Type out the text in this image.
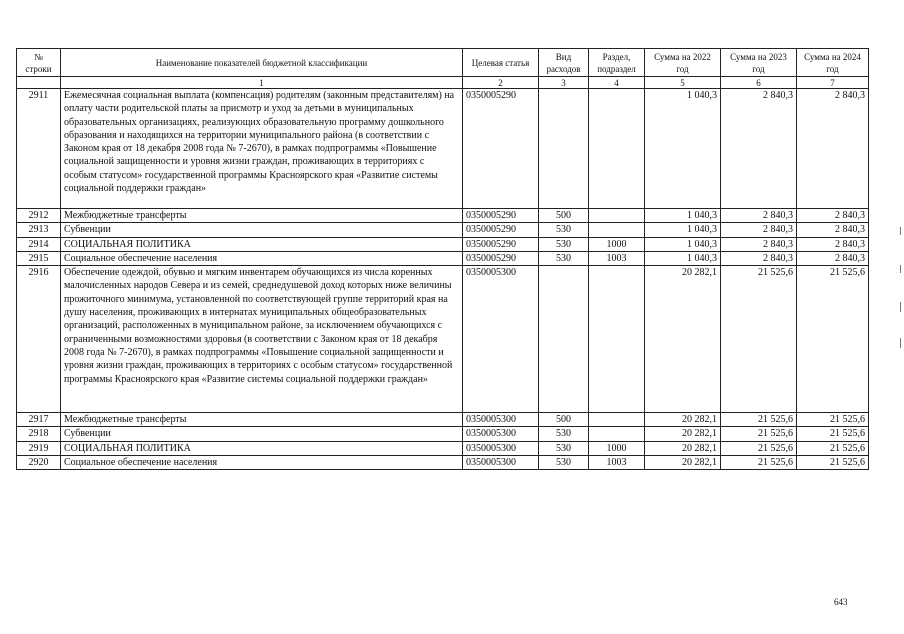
№ строки	Наименование показателей бюджетной классификации	Целевая статья	Вид расходов	Раздел, подраздел	Сумма на 2022 год	Сумма на 2023 год	Сумма на 2024 год
	1	2	3	4	5	6	7
2911	Ежемесячная социальная выплата (компенсация) родителям (законным представителям) на оплату части родительской платы за присмотр и уход за детьми в муниципальных образовательных организациях, реализующих образовательную программу дошкольного образования и находящихся на территории муниципального района (в соответствии с Законом края от 18 декабря 2008 года № 7-2670), в рамках подпрограммы «Повышение социальной защищенности и уровня жизни граждан, проживающих в территориях с особым статусом» государственной программы Красноярского края «Развитие системы социальной поддержки граждан»	0350005290			1 040,3	2 840,3	2 840,3
2912	Межбюджетные трансферты	0350005290	500		1 040,3	2 840,3	2 840,3
2913	Субвенции	0350005290	530		1 040,3	2 840,3	2 840,3
2914	СОЦИАЛЬНАЯ ПОЛИТИКА	0350005290	530	1000	1 040,3	2 840,3	2 840,3
2915	Социальное обеспечение населения	0350005290	530	1003	1 040,3	2 840,3	2 840,3
2916	Обеспечение одеждой, обувью и мягким инвентарем обучающихся из числа коренных малочисленных народов Севера и из семей, среднедушевой доход которых ниже величины прожиточного минимума, установленной по соответствующей группе территорий края на душу населения, проживающих в интернатах муниципальных общеобразовательных организаций, расположенных в муниципальном районе, за исключением обучающихся с ограниченными возможностями здоровья (в соответствии с Законом края от 18 декабря 2008 года № 7-2670), в рамках подпрограммы «Повышение социальной защищенности и уровня жизни граждан, проживающих в территориях с особым статусом» государственной программы Красноярского края «Развитие системы социальной поддержки граждан»	0350005300			20 282,1	21 525,6	21 525,6
2917	Межбюджетные трансферты	0350005300	500		20 282,1	21 525,6	21 525,6
2918	Субвенции	0350005300	530		20 282,1	21 525,6	21 525,6
2919	СОЦИАЛЬНАЯ ПОЛИТИКА	0350005300	530	1000	20 282,1	21 525,6	21 525,6
2920	Социальное обеспечение населения	0350005300	530	1003	20 282,1	21 525,6	21 525,6
643
